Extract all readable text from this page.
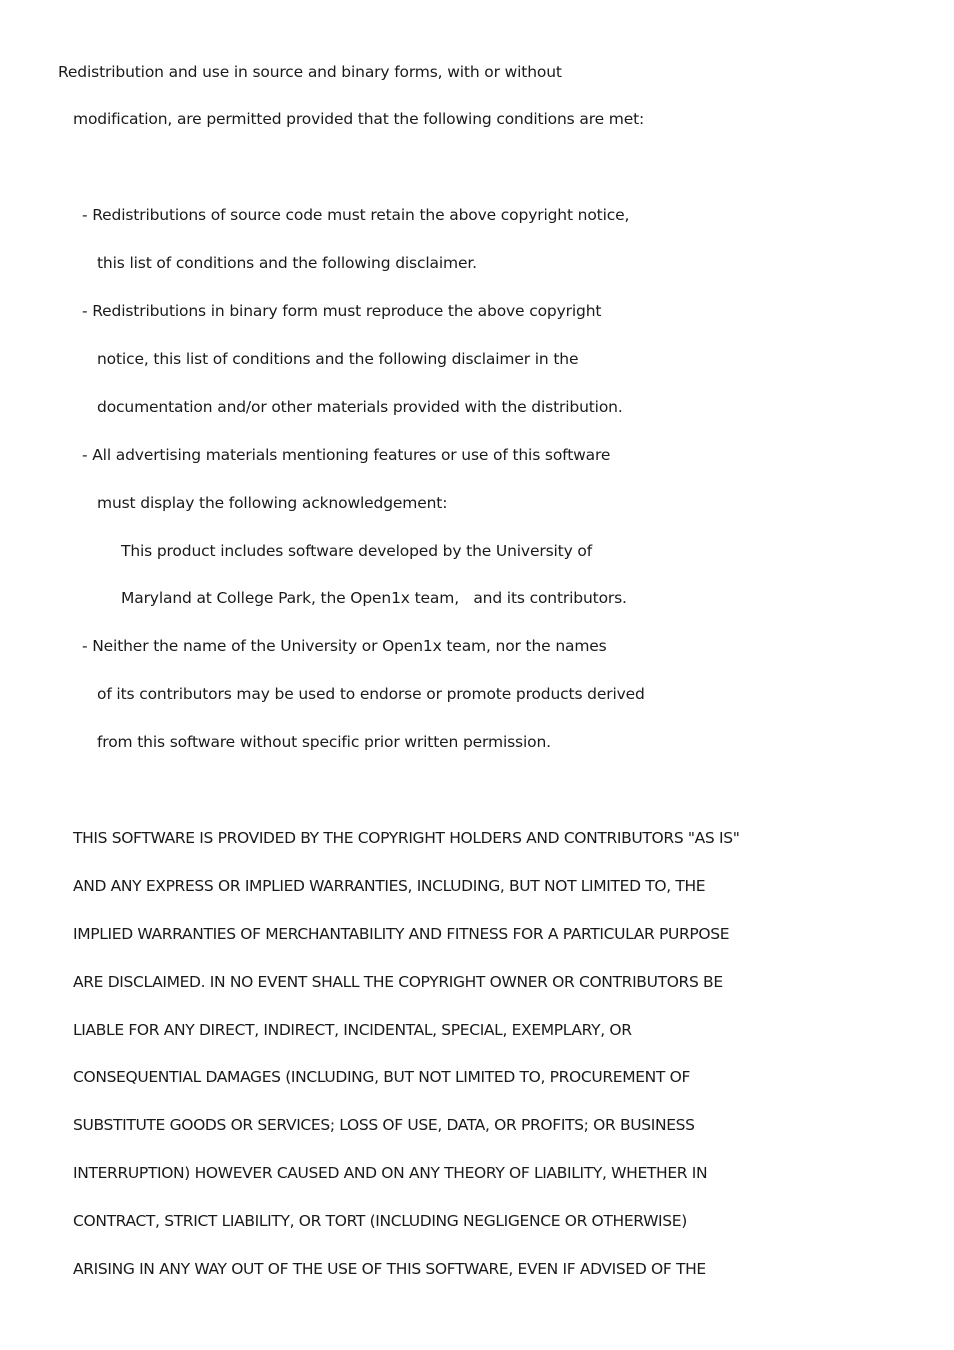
Redistribution and use in source and binary forms, with or without
modification, are permitted provided that the following conditions are met:
- Redistributions of source code must retain the above copyright notice,
this list of conditions and the following disclaimer.
- Redistributions in binary form must reproduce the above copyright
notice, this list of conditions and the following disclaimer in the
documentation and/or other materials provided with the distribution.
- All advertising materials mentioning features or use of this software
must display the following acknowledgement:
This product includes software developed by the University of
Maryland at College Park, the Open1x team,   and its contributors.
- Neither the name of the University or Open1x team, nor the names
of its contributors may be used to endorse or promote products derived
from this software without specific prior written permission.
THIS SOFTWARE IS PROVIDED BY THE COPYRIGHT HOLDERS AND CONTRIBUTORS "AS IS"
AND ANY EXPRESS OR IMPLIED WARRANTIES, INCLUDING, BUT NOT LIMITED TO, THE
IMPLIED WARRANTIES OF MERCHANTABILITY AND FITNESS FOR A PARTICULAR PURPOSE
ARE DISCLAIMED. IN NO EVENT SHALL THE COPYRIGHT OWNER OR CONTRIBUTORS BE
LIABLE FOR ANY DIRECT, INDIRECT, INCIDENTAL, SPECIAL, EXEMPLARY, OR
CONSEQUENTIAL DAMAGES (INCLUDING, BUT NOT LIMITED TO, PROCUREMENT OF
SUBSTITUTE GOODS OR SERVICES; LOSS OF USE, DATA, OR PROFITS; OR BUSINESS
INTERRUPTION) HOWEVER CAUSED AND ON ANY THEORY OF LIABILITY, WHETHER IN
CONTRACT, STRICT LIABILITY, OR TORT (INCLUDING NEGLIGENCE OR OTHERWISE)
ARISING IN ANY WAY OUT OF THE USE OF THIS SOFTWARE, EVEN IF ADVISED OF THE
